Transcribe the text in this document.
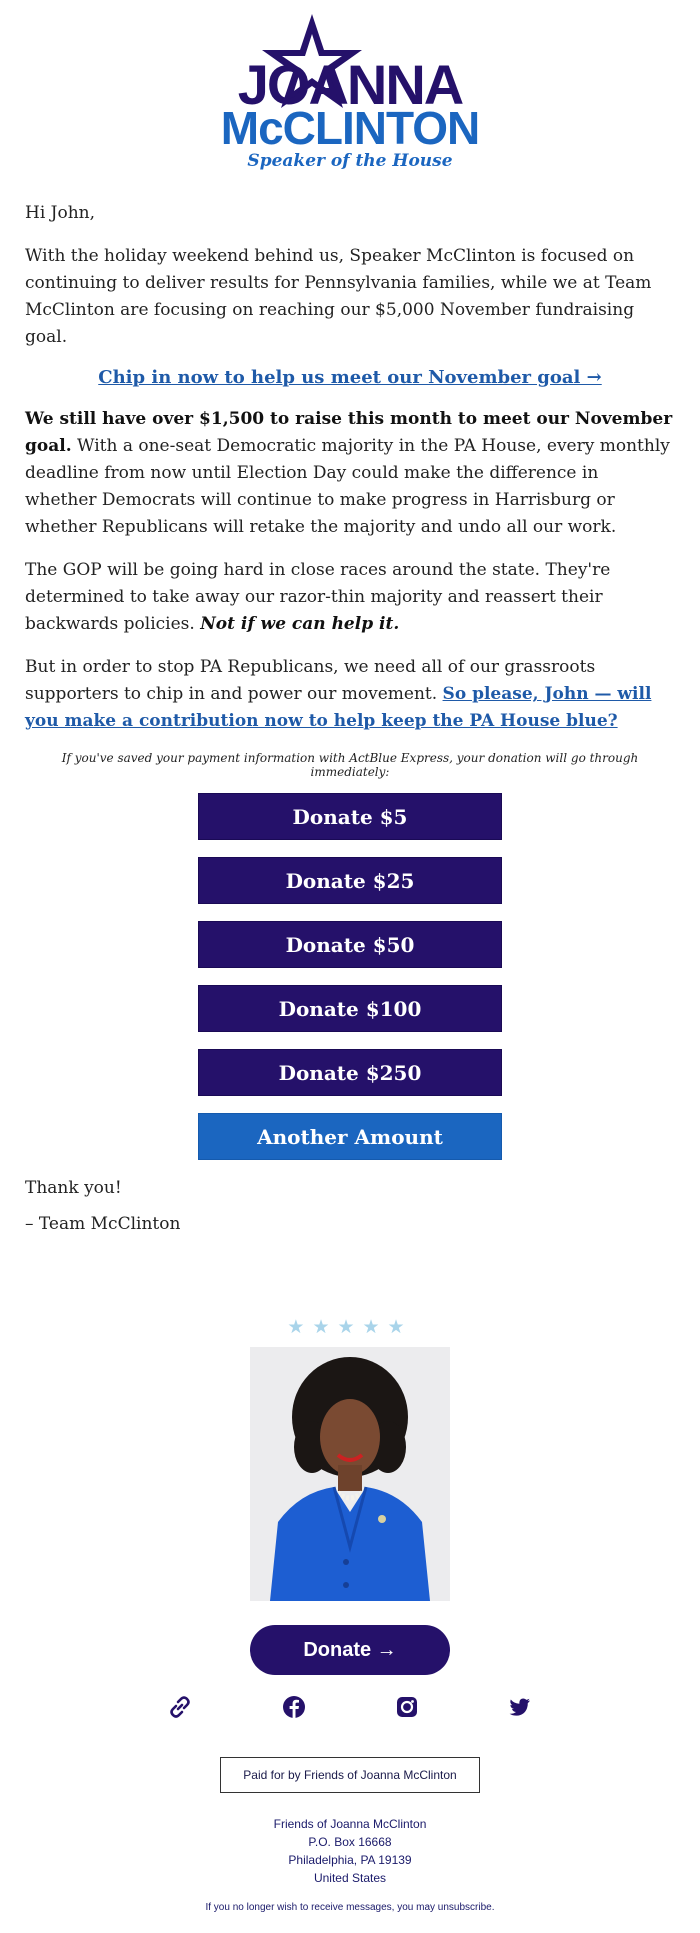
JOANNA
McCLINTON
Speaker of the House

Hi John,

With the holiday weekend behind us, Speaker McClinton is focused on continuing to deliver results for Pennsylvania families, while we at Team McClinton are focusing on reaching our $5,000 November fundraising goal.

Chip in now to help us meet our November goal →

We still have over $1,500 to raise this month to meet our November goal. With a one-seat Democratic majority in the PA House, every monthly deadline from now until Election Day could make the difference in whether Democrats will continue to make progress in Harrisburg or whether Republicans will retake the majority and undo all our work.

The GOP will be going hard in close races around the state. They're determined to take away our razor-thin majority and reassert their backwards policies. Not if we can help it.

But in order to stop PA Republicans, we need all of our grassroots supporters to chip in and power our movement. So please, John — will you make a contribution now to help keep the PA House blue?

If you've saved your payment information with ActBlue Express, your donation will go through immediately:

Donate $5
Donate $25
Donate $50
Donate $100
Donate $250
Another Amount

Thank you!

– Team McClinton

★★★★★
Donate →
Paid for by Friends of Joanna McClinton
Friends of Joanna McClinton
P.O. Box 16668
Philadelphia, PA 19139
United States
If you no longer wish to receive messages, you may unsubscribe.
